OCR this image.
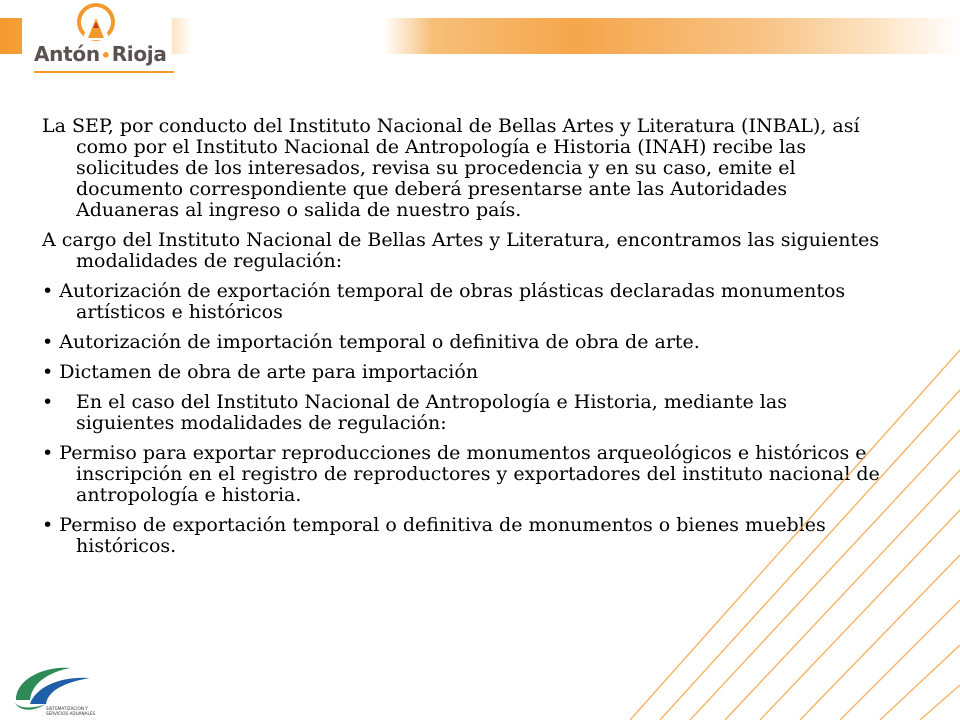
Antón•Rioja

La SEP, por conducto del Instituto Nacional de Bellas Artes y Literatura (INBAL), así como por el Instituto Nacional de Antropología e Historia (INAH) recibe las solicitudes de los interesados, revisa su procedencia y en su caso, emite el documento correspondiente que deberá presentarse ante las Autoridades Aduaneras al ingreso o salida de nuestro país.

A cargo del Instituto Nacional de Bellas Artes y Literatura, encontramos las siguientes modalidades de regulación:

• Autorización de exportación temporal de obras plásticas declaradas monumentos artísticos e históricos

• Autorización de importación temporal o definitiva de obra de arte.

• Dictamen de obra de arte para importación

• En el caso del Instituto Nacional de Antropología e Historia, mediante las siguientes modalidades de regulación:

• Permiso para exportar reproducciones de monumentos arqueológicos e históricos e inscripción en el registro de reproductores y exportadores del instituto nacional de antropología e historia.

• Permiso de exportación temporal o definitiva de monumentos o bienes muebles históricos.

SISTEMATIZACION Y
SERVICIOS ADUANALES
